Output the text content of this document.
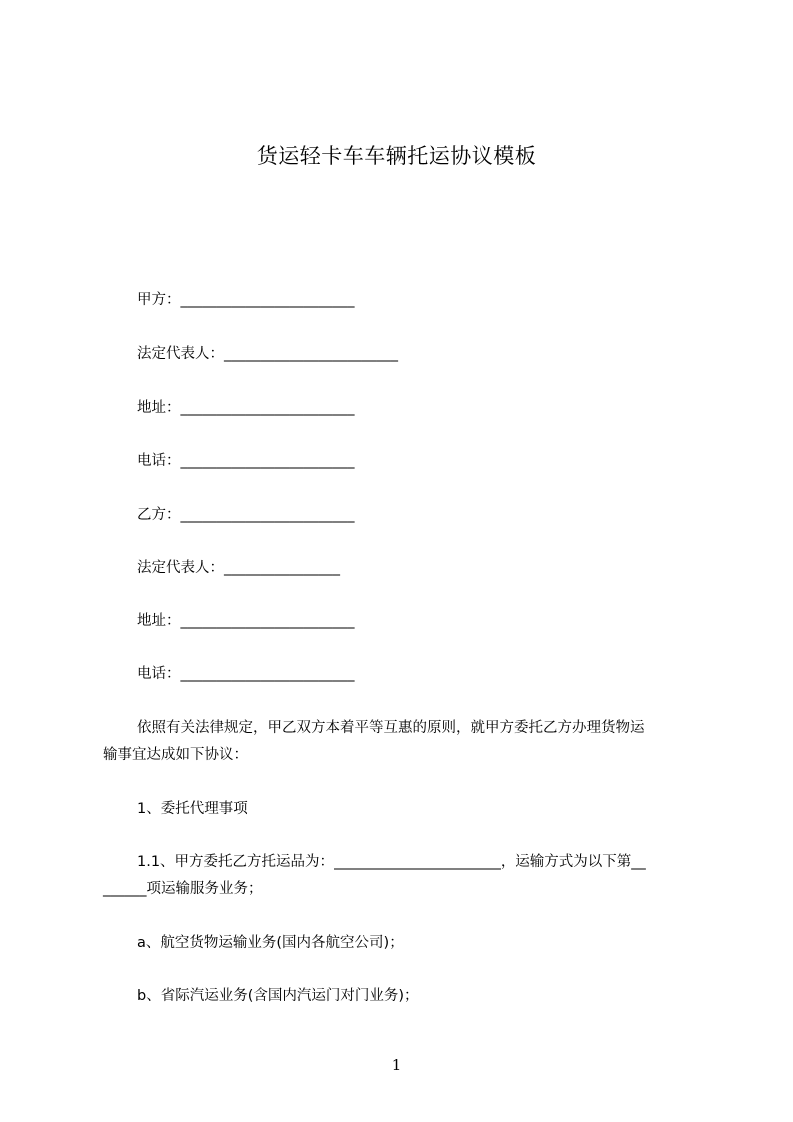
货运轻卡车车辆托运协议模板
甲方：________________________
法定代表人：________________________
地址：________________________
电话：________________________
乙方：________________________
法定代表人：________________
地址：________________________
电话：________________________
依照有关法律规定，甲乙双方本着平等互惠的原则，就甲方委托乙方办理货物运
输事宜达成如下协议：
1、委托代理事项
1.1、甲方委托乙方托运品为：_______________________，运输方式为以下第__
______项运输服务业务；
a、航空货物运输业务(国内各航空公司)；
b、省际汽运业务(含国内汽运门对门业务)；
1
